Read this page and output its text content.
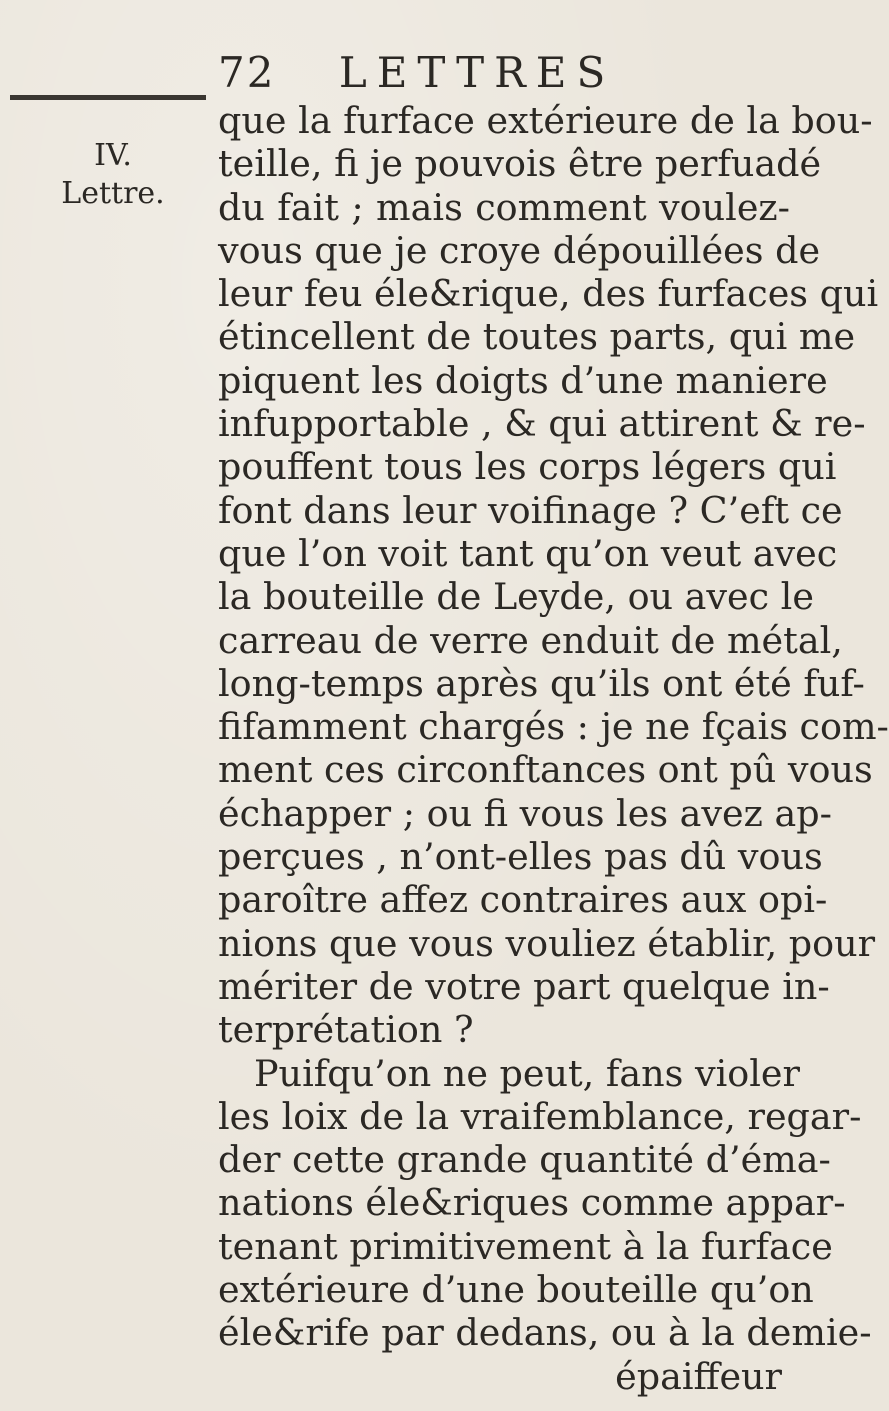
72 LETTRES
IV.
Lettre.
que la furface extérieure de la bou-
teille, fi je pouvois être perfuadé
du fait ; mais comment voulez-
vous que je croye dépouillées de
leur feu éle&rique, des furfaces qui
étincellent de toutes parts, qui me
piquent les doigts d’une maniere
infupportable , & qui attirent & re-
pouffent tous les corps légers qui
font dans leur voifinage ? C’eft ce
que l’on voit tant qu’on veut avec
la bouteille de Leyde, ou avec le
carreau de verre enduit de métal,
long-temps après qu’ils ont été fuf-
fifamment chargés : je ne fçais com-
ment ces circonftances ont pû vous
échapper ; ou fi vous les avez ap-
perçues , n’ont-elles pas dû vous
paroître affez contraires aux opi-
nions que vous vouliez établir, pour
mériter de votre part quelque in-
terprétation ?
Puifqu’on ne peut, fans violer
les loix de la vraifemblance, regar-
der cette grande quantité d’éma-
nations éle&riques comme appar-
tenant primitivement à la furface
extérieure d’une bouteille qu’on
éle&rife par dedans, ou à la demie-
épaiffeur
